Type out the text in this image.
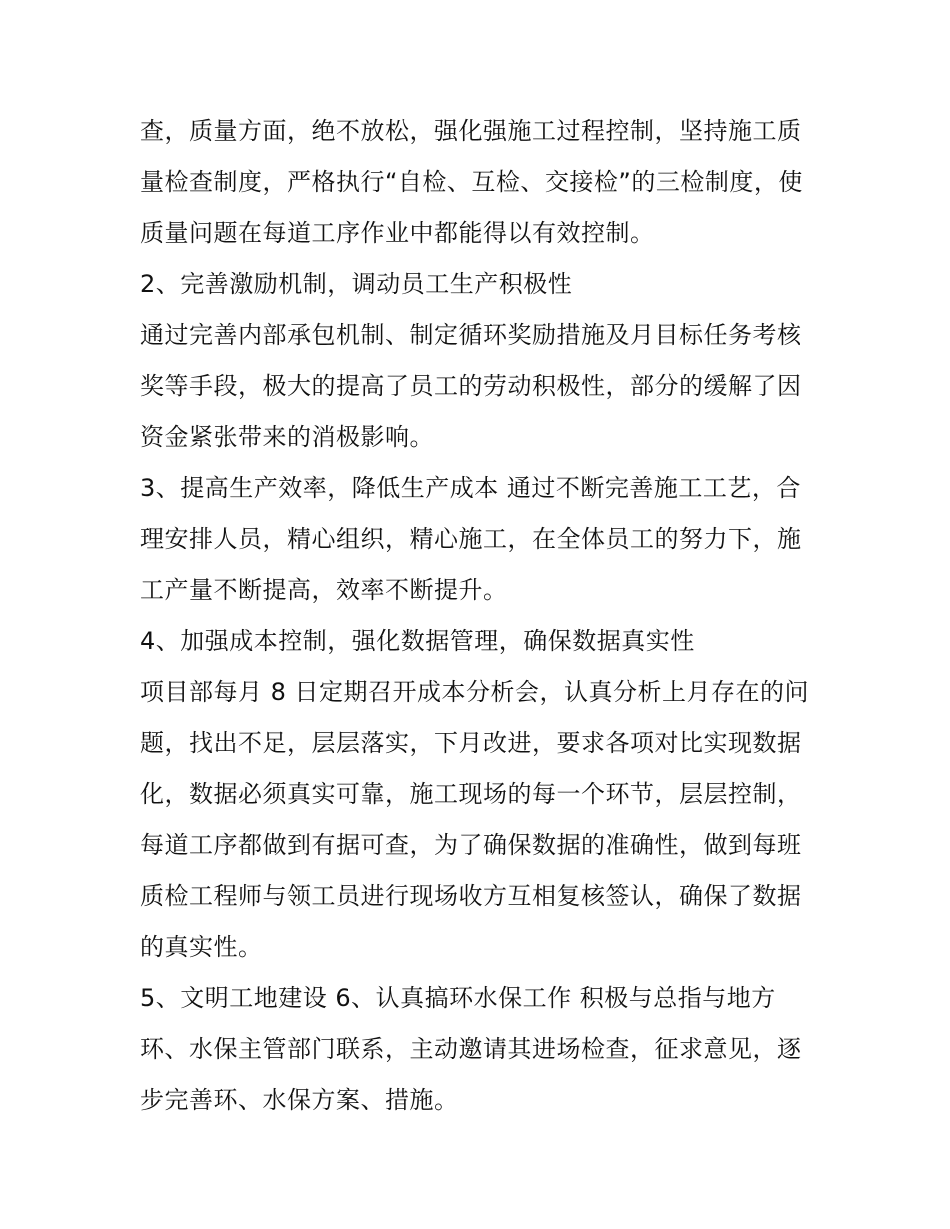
查，质量方面，绝不放松，强化强施工过程控制，坚持施工质

量检查制度，严格执行“自检、互检、交接检”的三检制度，使

质量问题在每道工序作业中都能得以有效控制。

2、完善激励机制，调动员工生产积极性

通过完善内部承包机制、制定循环奖励措施及月目标任务考核

奖等手段，极大的提高了员工的劳动积极性，部分的缓解了因

资金紧张带来的消极影响。

3、提高生产效率，降低生产成本 通过不断完善施工工艺，合

理安排人员，精心组织，精心施工，在全体员工的努力下，施

工产量不断提高，效率不断提升。

4、加强成本控制，强化数据管理，确保数据真实性

项目部每月 8 日定期召开成本分析会，认真分析上月存在的问

题，找出不足，层层落实，下月改进，要求各项对比实现数据

化，数据必须真实可靠，施工现场的每一个环节，层层控制，

每道工序都做到有据可查，为了确保数据的准确性，做到每班

质检工程师与领工员进行现场收方互相复核签认，确保了数据

的真实性。

5、文明工地建设 6、认真搞环水保工作 积极与总指与地方

环、水保主管部门联系，主动邀请其进场检查，征求意见，逐

步完善环、水保方案、措施。
